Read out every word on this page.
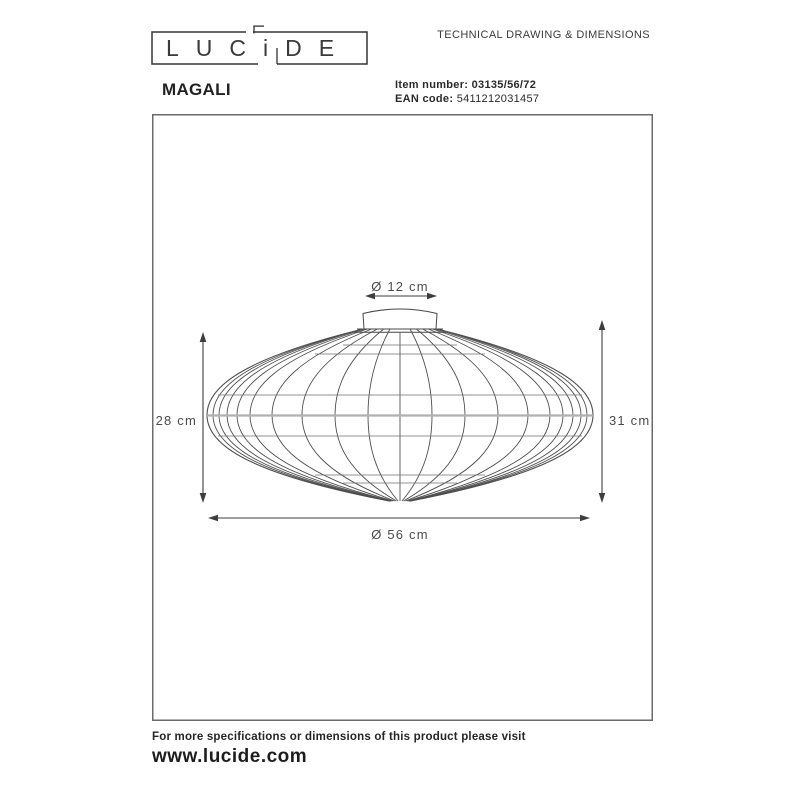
LUCiDE	TECHNICAL DRAWING & DIMENSIONS
MAGALI	Item number: 03135/56/72
EAN code: 5411212031457
Ø 12 cm
28 cm	31 cm
Ø 56 cm
For more specifications or dimensions of this product please visit
www.lucide.com
